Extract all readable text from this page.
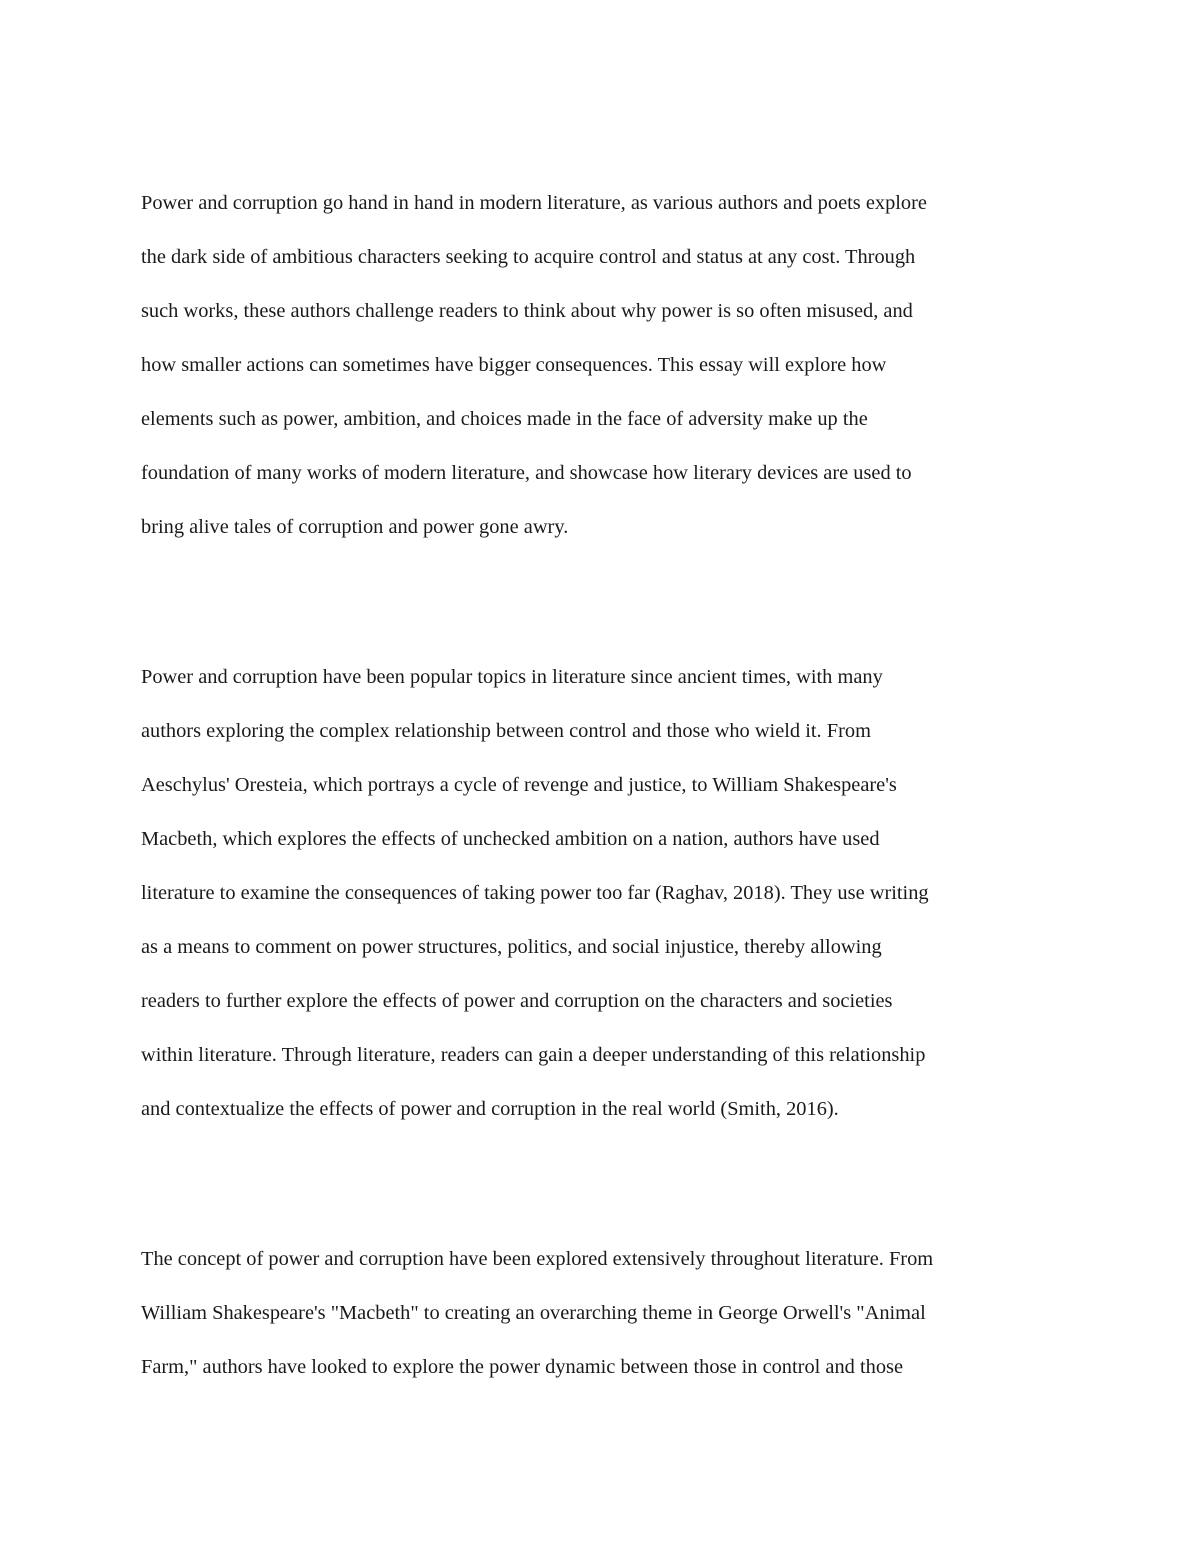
Power and corruption go hand in hand in modern literature, as various authors and poets explore
the dark side of ambitious characters seeking to acquire control and status at any cost. Through
such works, these authors challenge readers to think about why power is so often misused, and
how smaller actions can sometimes have bigger consequences. This essay will explore how
elements such as power, ambition, and choices made in the face of adversity make up the
foundation of many works of modern literature, and showcase how literary devices are used to
bring alive tales of corruption and power gone awry.
Power and corruption have been popular topics in literature since ancient times, with many
authors exploring the complex relationship between control and those who wield it. From
Aeschylus' Oresteia, which portrays a cycle of revenge and justice, to William Shakespeare's
Macbeth, which explores the effects of unchecked ambition on a nation, authors have used
literature to examine the consequences of taking power too far (Raghav, 2018). They use writing
as a means to comment on power structures, politics, and social injustice, thereby allowing
readers to further explore the effects of power and corruption on the characters and societies
within literature. Through literature, readers can gain a deeper understanding of this relationship
and contextualize the effects of power and corruption in the real world (Smith, 2016).
The concept of power and corruption have been explored extensively throughout literature. From
William Shakespeare's "Macbeth" to creating an overarching theme in George Orwell's "Animal
Farm," authors have looked to explore the power dynamic between those in control and those
